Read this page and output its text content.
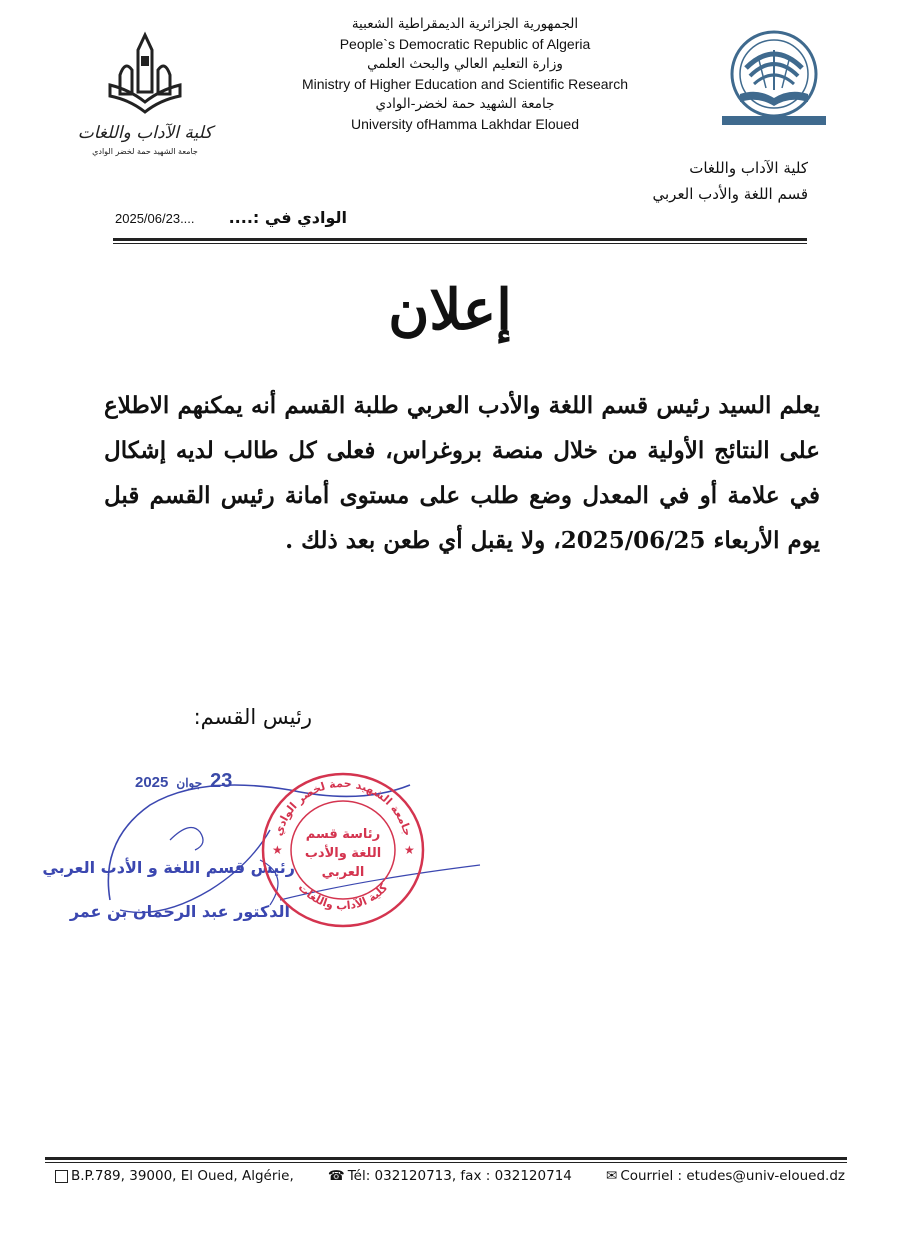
الجمهورية الجزائرية الديمقراطية الشعبية
People`s Democratic Republic of Algeria
وزارة التعليم العالي والبحث العلمي
Ministry of Higher Education and Scientific Research
جامعة الشهيد حمة لخضر-الوادي
University ofHamma Lakhdar Eloued
كلية الآداب واللغات
جامعة الشهيد حمة لخضر الوادي
كلية الآداب واللغات
قسم اللغة والأدب العربي
2025/06/23.... الوادي في :....
إعلان
يعلم السيد رئيس قسم اللغة والأدب العربي طلبة القسم أنه يمكنهم الاطلاع على النتائج الأولية من خلال منصة بروغراس، فعلى كل طالب لديه إشكال في علامة أو في المعدل وضع طلب على مستوى أمانة رئيس القسم قبل يوم الأربعاء 2025/06/25، ولا يقبل أي طعن بعد ذلك .
رئيس القسم:
2025 جوان 23
رئيس قسم اللغة و الأدب العربي
الدكتور عبد الرحمان بن عمر
جامعة الشهيد حمة لخضر الوادي
كلية الآداب واللغات
رئاسة قسم
اللغة والأدب
العربي
★	★
B.P.789, 39000, El Oued, Algérie,	☎ Tél: 032120713, fax : 032120714	✉ Courriel : etudes@univ-eloued.dz
